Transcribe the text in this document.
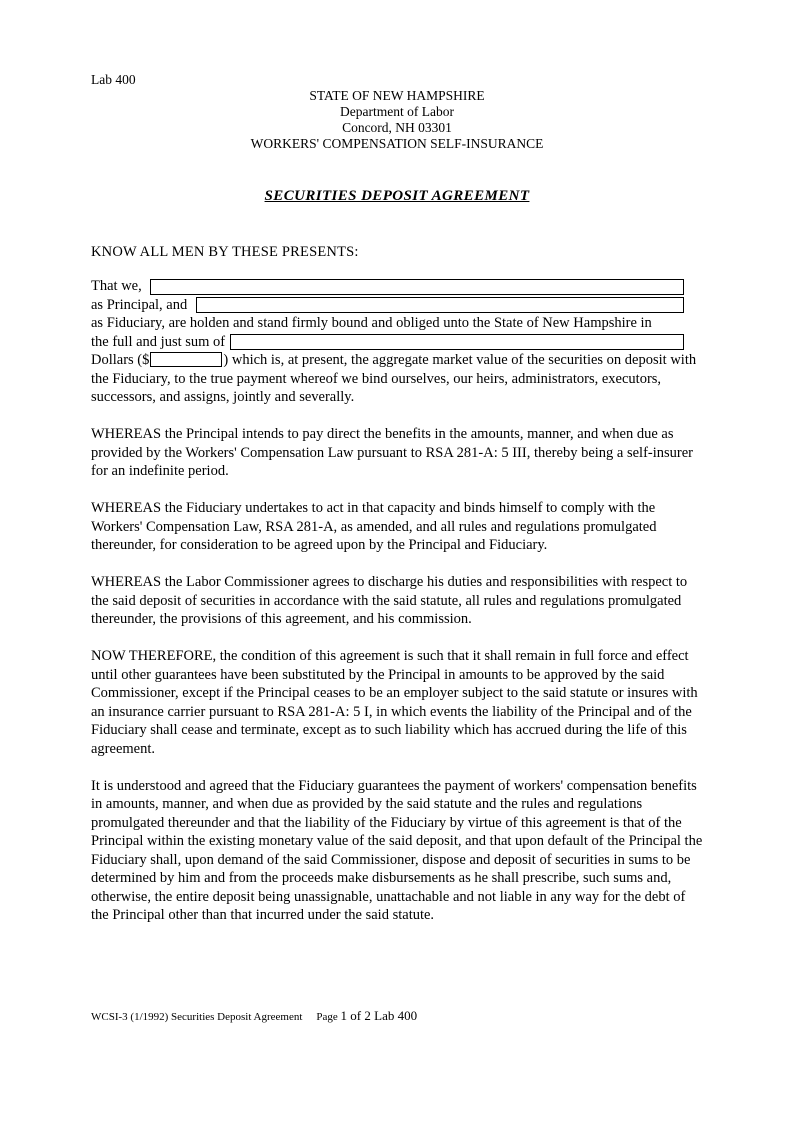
Lab 400
STATE OF NEW HAMPSHIRE
Department of Labor
Concord, NH 03301
WORKERS' COMPENSATION SELF-INSURANCE
SECURITIES DEPOSIT AGREEMENT
KNOW ALL MEN BY THESE PRESENTS:
That we,
as Principal, and
as Fiduciary, are holden and stand firmly bound and obliged unto the State of New Hampshire in
the full and just sum of

Dollars ($	) which is, at present, the aggregate market value of the securities on deposit with the Fiduciary, to the true payment whereof we bind ourselves, our heirs, administrators, executors, successors, and assigns, jointly and severally.

WHEREAS the Principal intends to pay direct the benefits in the amounts, manner, and when due as provided by the Workers' Compensation Law pursuant to RSA 281-A: 5 III, thereby being a self-insurer for an indefinite period.

WHEREAS the Fiduciary undertakes to act in that capacity and binds himself to comply with the Workers' Compensation Law, RSA 281-A, as amended, and all rules and regulations promulgated thereunder, for consideration to be agreed upon by the Principal and Fiduciary.

WHEREAS the Labor Commissioner agrees to discharge his duties and responsibilities with respect to the said deposit of securities in accordance with the said statute, all rules and regulations promulgated thereunder, the provisions of this agreement, and his commission.

NOW THEREFORE, the condition of this agreement is such that it shall remain in full force and effect until other guarantees have been substituted by the Principal in amounts to be approved by the said Commissioner, except if the Principal ceases to be an employer subject to the said statute or insures with an insurance carrier pursuant to RSA 281-A: 5 I, in which events the liability of the Principal and of the Fiduciary shall cease and terminate, except as to such liability which has accrued during the life of this agreement.

It is understood and agreed that the Fiduciary guarantees the payment of workers' compensation benefits in amounts, manner, and when due as provided by the said statute and the rules and regulations promulgated thereunder and that the liability of the Fiduciary by virtue of this agreement is that of the Principal within the existing monetary value of the said deposit, and that upon default of the Principal the Fiduciary shall, upon demand of the said Commissioner, dispose and deposit of securities in sums to be determined by him and from the proceeds make disbursements as he shall prescribe, such sums and, otherwise, the entire deposit being unassignable, unattachable and not liable in any way for the debt of the Principal other than that incurred under the said statute.

WCSI-3 (1/1992) Securities Deposit Agreement Page 1 of 2 Lab 400
